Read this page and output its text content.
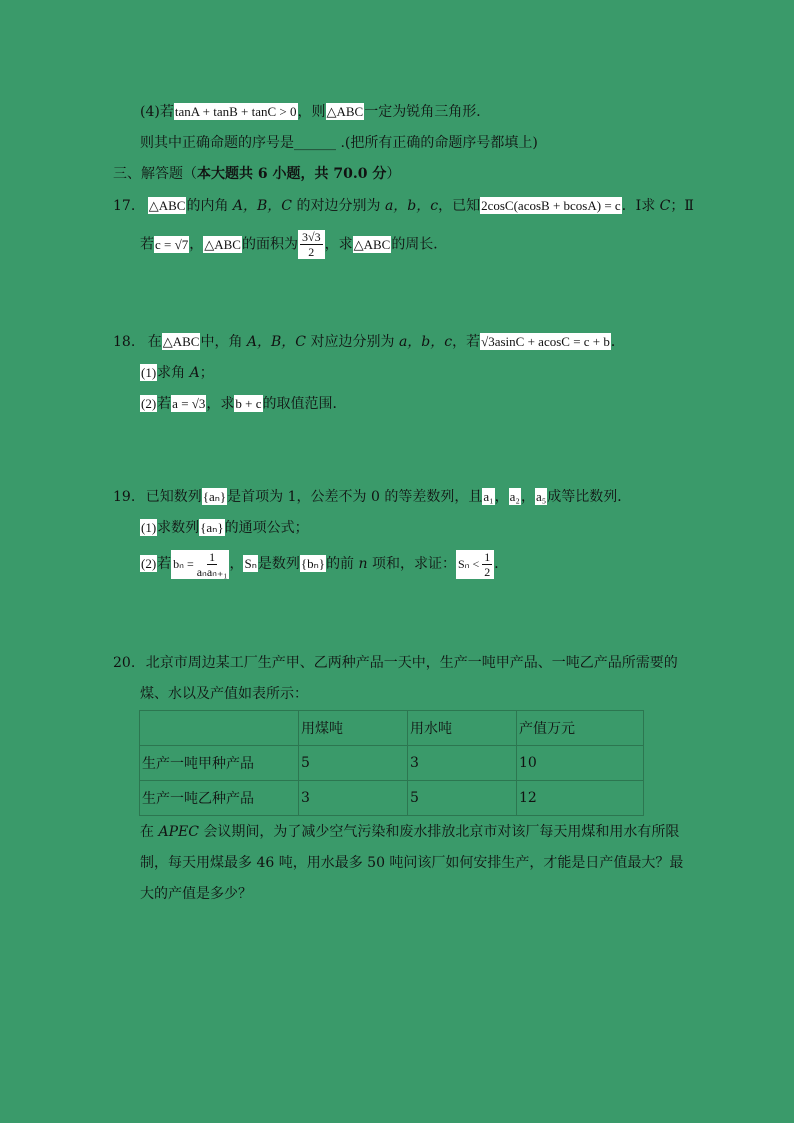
(4)若tanA + tanB + tanC > 0，则△ABC一定为锐角三角形．
则其中正确命题的序号是______ .(把所有正确的命题序号都填上)
三、解答题（本大题共 6 小题，共 70.0 分）
17. △ABC的内角 A，B，C 的对边分别为 a，b，c，已知2cosC(acosB + bcosA) = c．Ⅰ求 C；Ⅱ
若c = √7，△ABC的面积为 $\frac{3√3}{2}$ ，求△ABC的周长．
18. 在△ABC中，角 A，B，C 对应边分别为 a，b，c，若√3asinC + acosC = c + b．
(1)求角 A；
(2)若a = √3，求b + c的取值范围．
19. 已知数列{aₙ}是首项为 1，公差不为 0 的等差数列，且a₁，a₂，a₅成等比数列．
(1)求数列{aₙ}的通项公式；
(2)若 bₙ =
1
aₙaₙ₊₁ ，Sₙ是数列{bₙ}的前 n 项和，求证： Sₙ <
1
2 ．
20. 北京市周边某工厂生产甲、乙两种产品一天中，生产一吨甲产品、一吨乙产品所需要的
煤、水以及产值如表所示：
	用煤吨	用水吨	产值万元
生产一吨甲种产品	5	3	10
生产一吨乙种产品	3	5	12
在 APEC 会议期间，为了减少空气污染和废水排放北京市对该厂每天用煤和用水有所限
制，每天用煤最多 46 吨，用水最多 50 吨问该厂如何安排生产，才能是日产值最大？最
大的产值是多少？
